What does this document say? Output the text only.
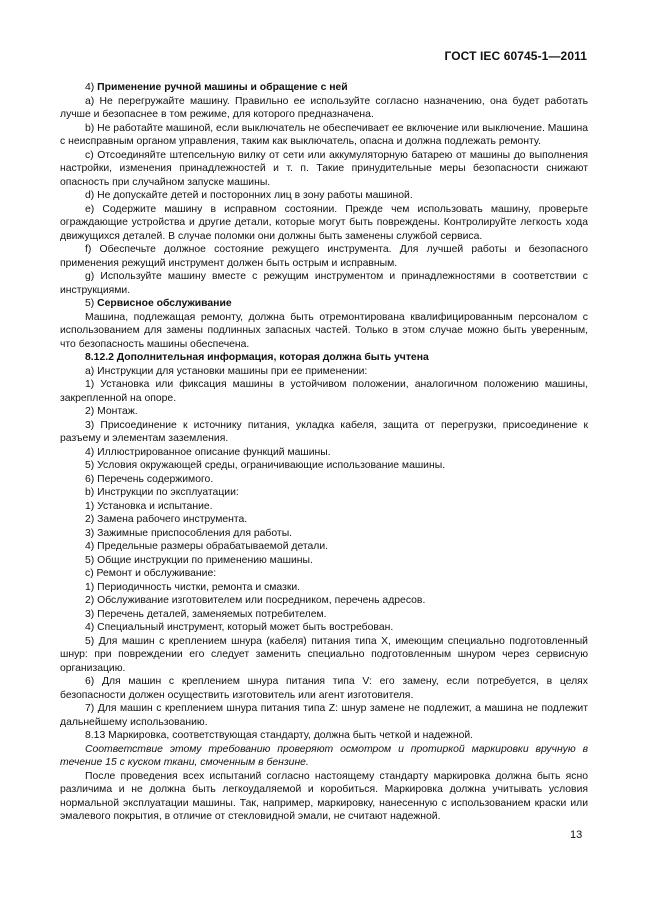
ГОСТ IEC 60745-1—2011

4) Применение ручной машины и обращение с ней

а) Не перегружайте машину. Правильно ее используйте согласно назначению, она будет работать лучше и безопаснее в том режиме, для которого предназначена.

b) Не работайте машиной, если выключатель не обеспечивает ее включение или выключение. Машина с неисправным органом управления, таким как выключатель, опасна и должна подлежать ремонту.

c) Отсоединяйте штепсельную вилку от сети или аккумуляторную батарею от машины до выполнения настройки, изменения принадлежностей и т. п. Такие принудительные меры безопасности снижают опасность при случайном запуске машины.

d) Не допускайте детей и посторонних лиц в зону работы машиной.

e) Содержите машину в исправном состоянии. Прежде чем использовать машину, проверьте ограждающие устройства и другие детали, которые могут быть повреждены. Контролируйте легкость хода движущихся деталей. В случае поломки они должны быть заменены службой сервиса.

f) Обеспечьте должное состояние режущего инструмента. Для лучшей работы и безопасного применения режущий инструмент должен быть острым и исправным.

g) Используйте машину вместе с режущим инструментом и принадлежностями в соответствии с инструкциями.

5) Сервисное обслуживание

Машина, подлежащая ремонту, должна быть отремонтирована квалифицированным персоналом с использованием для замены подлинных запасных частей. Только в этом случае можно быть уверенным, что безопасность машины обеспечена.

8.12.2 Дополнительная информация, которая должна быть учтена

а) Инструкции для установки машины при ее применении:

1) Установка или фиксация машины в устойчивом положении, аналогичном положению машины, закрепленной на опоре.

2) Монтаж.

3) Присоединение к источнику питания, укладка кабеля, защита от перегрузки, присоединение к разъему и элементам заземления.

4) Иллюстрированное описание функций машины.

5) Условия окружающей среды, ограничивающие использование машины.

6) Перечень содержимого.

b) Инструкции по эксплуатации:

1) Установка и испытание.

2) Замена рабочего инструмента.

3) Зажимные приспособления для работы.

4) Предельные размеры обрабатываемой детали.

5) Общие инструкции по применению машины.

c) Ремонт и обслуживание:

1) Периодичность чистки, ремонта и смазки.

2) Обслуживание изготовителем или посредником, перечень адресов.

3) Перечень деталей, заменяемых потребителем.

4) Специальный инструмент, который может быть востребован.

5) Для машин с креплением шнура (кабеля) питания типа X, имеющим специально подготовленный шнур: при повреждении его следует заменить специально подготовленным шнуром через сервисную организацию.

6) Для машин с креплением шнура питания типа V: его замену, если потребуется, в целях безопасности должен осуществить изготовитель или агент изготовителя.

7) Для машин с креплением шнура питания типа Z: шнур замене не подлежит, а машина не подлежит дальнейшему использованию.

8.13 Маркировка, соответствующая стандарту, должна быть четкой и надежной.

Соответствие этому требованию проверяют осмотром и протиркой маркировки вручную в течение 15 с куском ткани, смоченным в бензине.

После проведения всех испытаний согласно настоящему стандарту маркировка должна быть ясно различима и не должна быть легкоудаляемой и коробиться. Маркировка должна учитывать условия нормальной эксплуатации машины. Так, например, маркировку, нанесенную с использованием краски или эмалевого покрытия, в отличие от стекловидной эмали, не считают надежной.

13
